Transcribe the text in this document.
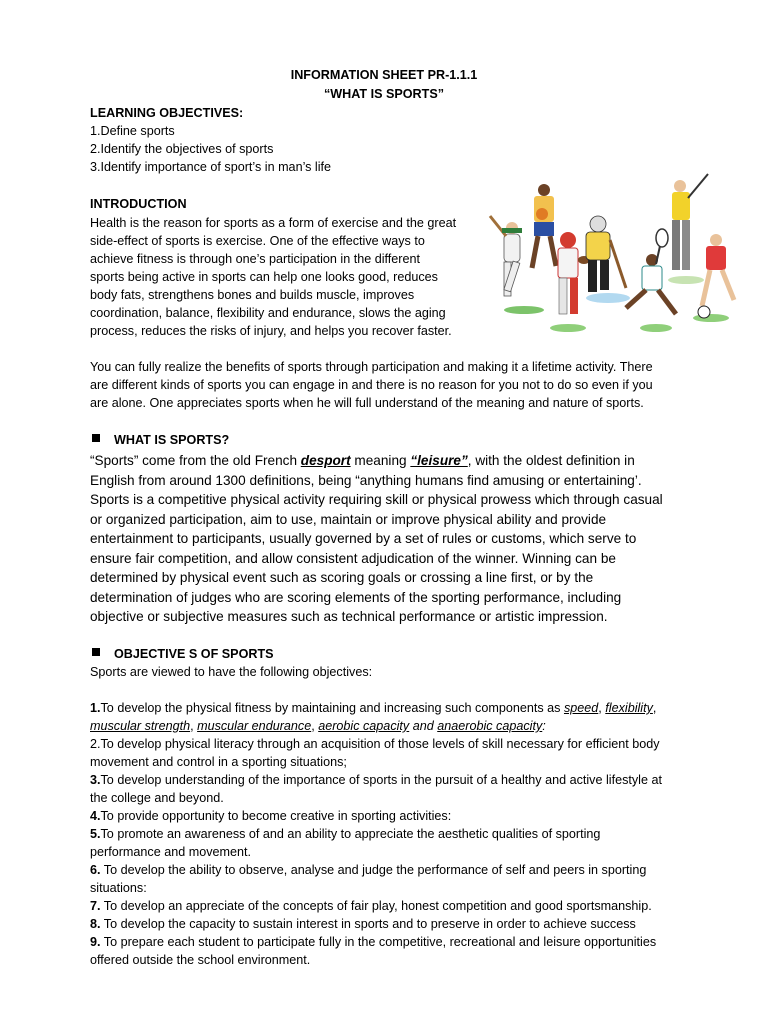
INFORMATION SHEET PR-1.1.1
“WHAT IS SPORTS”
LEARNING OBJECTIVES:
1.Define sports
2.Identify the objectives of sports
3.Identify importance of sport’s in man’s life
INTRODUCTION
Health is the reason for sports as a form of exercise and the great
side-effect of sports is exercise. One of the effective ways to
achieve fitness is through one’s participation in the different
sports being active in sports can help one looks good, reduces
body fats, strengthens bones and builds muscle, improves
coordination, balance, flexibility and endurance, slows the aging
process, reduces the risks of injury, and helps you recover faster.
You can fully realize the benefits of sports through participation and making it a lifetime activity. There
are different kinds of sports you can engage in and there is no reason for you not to do so even if you
are alone. One appreciates sports when he will full understand of the meaning and nature of sports.
WHAT IS SPORTS?
“Sports” come from the old French desport meaning “leisure”, with the oldest definition in
English from around 1300 definitions, being “anything humans find amusing or entertaining’.
Sports is a competitive physical activity requiring skill or physical prowess which through casual
or organized participation, aim to use, maintain or improve physical ability and provide
entertainment to participants, usually governed by a set of rules or customs, which serve to
ensure fair competition, and allow consistent adjudication of the winner. Winning can be
determined by physical event such as scoring goals or crossing a line first, or by the
determination of judges who are scoring elements of the sporting performance, including
objective or subjective measures such as technical performance or artistic impression.
OBJECTIVE S OF SPORTS
Sports are viewed to have the following objectives:
1.To develop the physical fitness by maintaining and increasing such components as speed, flexibility,
muscular strength, muscular endurance, aerobic capacity and anaerobic capacity:
2.To develop physical literacy through an acquisition of those levels of skill necessary for efficient body
movement and control in a sporting situations;
3.To develop understanding of the importance of sports in the pursuit of a healthy and active lifestyle at
the college and beyond.
4.To provide opportunity to become creative in sporting activities:
5.To promote an awareness of and an ability to appreciate the aesthetic qualities of sporting
performance and movement.
6. To develop the ability to observe, analyse and judge the performance of self and peers in sporting
situations:
7. To develop an appreciate of the concepts of fair play, honest competition and good sportsmanship.
8. To develop the capacity to sustain interest in sports and to preserve in order to achieve success
9. To prepare each student to participate fully in the competitive, recreational and leisure opportunities
offered outside the school environment.
